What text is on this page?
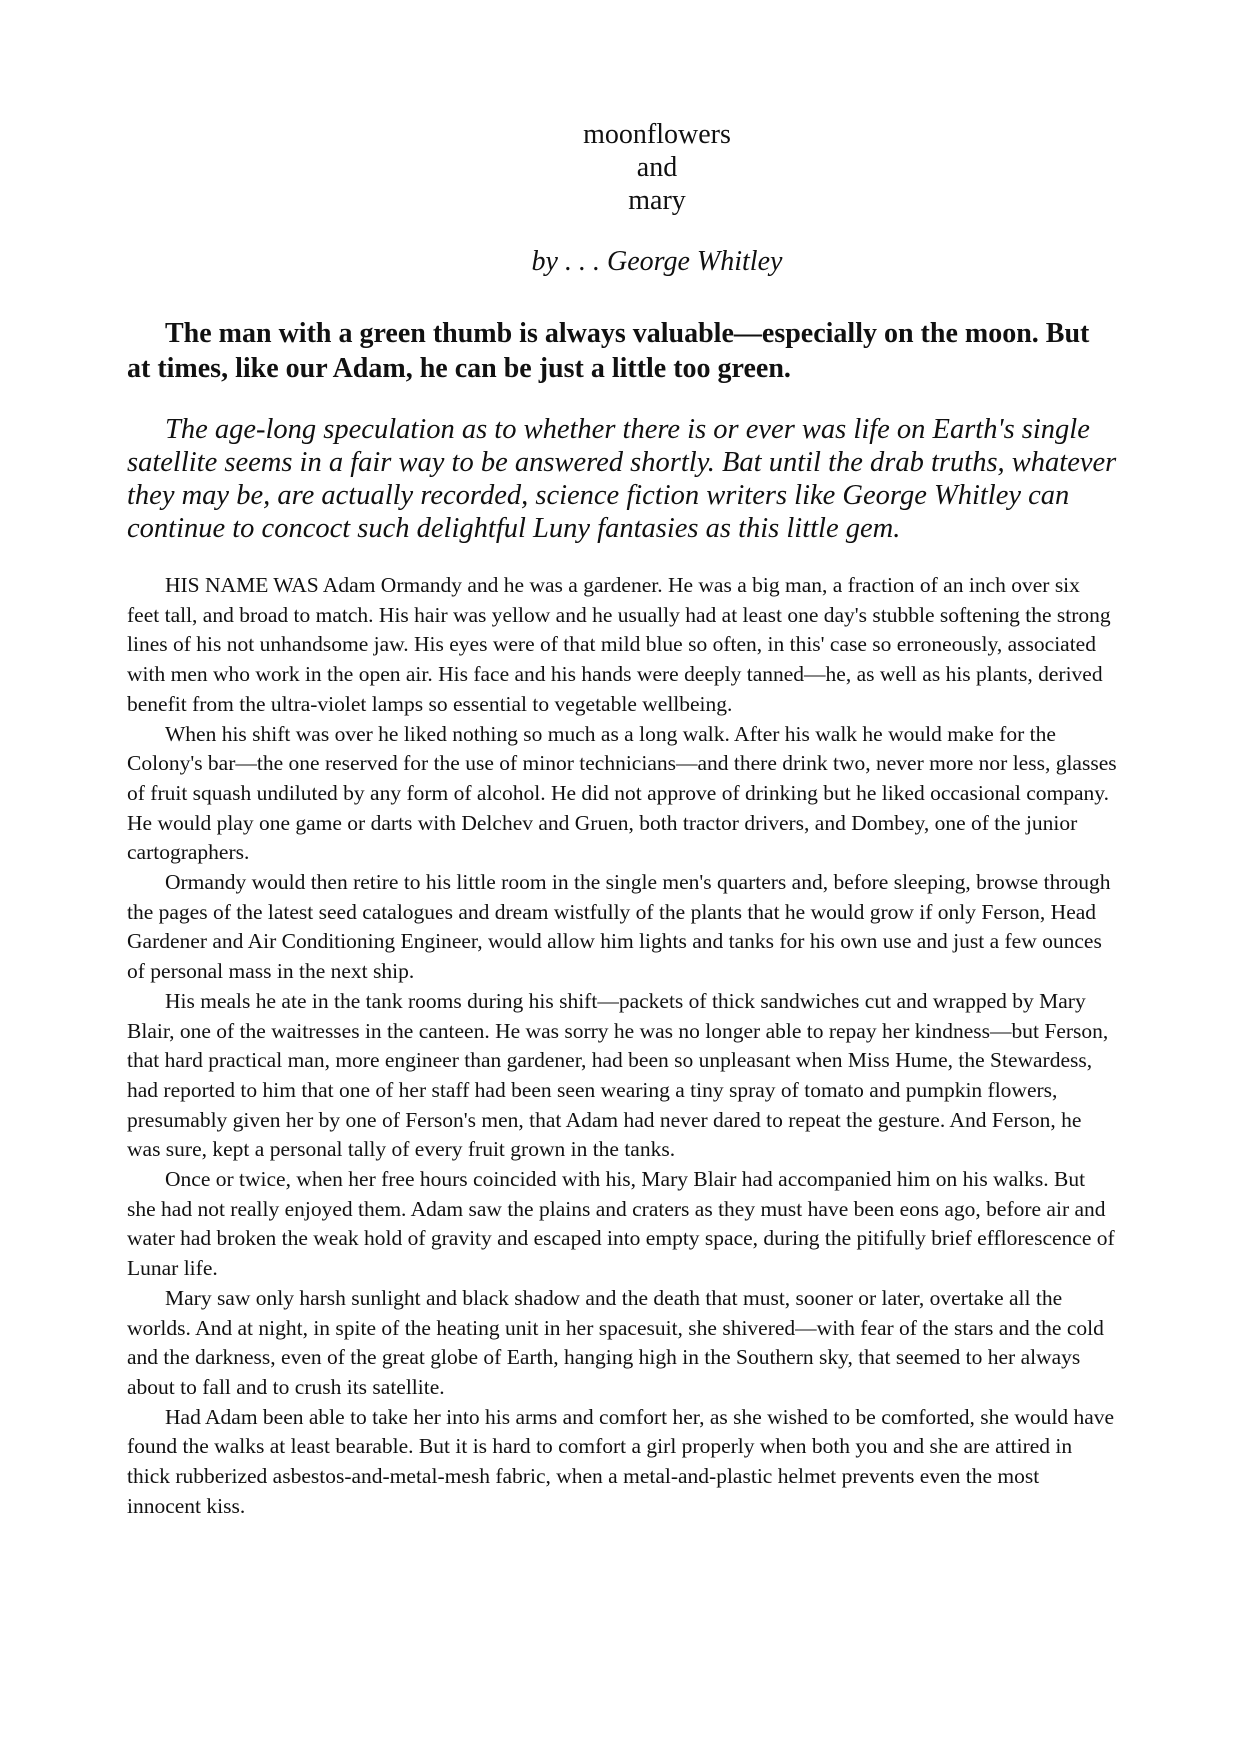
moonflowers
and
mary
by . . . George Whitley
The man with a green thumb is always valuable—especially on the moon. But at times, like our Adam, he can be just a little too green.
The age-long speculation as to whether there is or ever was life on Earth's single satellite seems in a fair way to be answered shortly. Bat until the drab truths, whatever they may be, are actually recorded, science fiction writers like George Whitley can continue to concoct such delightful Luny fantasies as this little gem.

HIS NAME WAS Adam Ormandy and he was a gardener. He was a big man, a fraction of an inch over six feet tall, and broad to match. His hair was yellow and he usually had at least one day's stubble softening the strong lines of his not unhandsome jaw. His eyes were of that mild blue so often, in this' case so erroneously, associated with men who work in the open air. His face and his hands were deeply tanned—he, as well as his plants, derived benefit from the ultra-violet lamps so essential to vegetable wellbeing.

When his shift was over he liked nothing so much as a long walk. After his walk he would make for the Colony's bar—the one reserved for the use of minor technicians—and there drink two, never more nor less, glasses of fruit squash undiluted by any form of alcohol. He did not approve of drinking but he liked occasional company. He would play one game or darts with Delchev and Gruen, both tractor drivers, and Dombey, one of the junior cartographers.

Ormandy would then retire to his little room in the single men's quarters and, before sleeping, browse through the pages of the latest seed catalogues and dream wistfully of the plants that he would grow if only Ferson, Head Gardener and Air Conditioning Engineer, would allow him lights and tanks for his own use and just a few ounces of personal mass in the next ship.

His meals he ate in the tank rooms during his shift—packets of thick sandwiches cut and wrapped by Mary Blair, one of the waitresses in the canteen. He was sorry he was no longer able to repay her kindness—but Ferson, that hard practical man, more engineer than gardener, had been so unpleasant when Miss Hume, the Stewardess, had reported to him that one of her staff had been seen wearing a tiny spray of tomato and pumpkin flowers, presumably given her by one of Ferson's men, that Adam had never dared to repeat the gesture. And Ferson, he was sure, kept a personal tally of every fruit grown in the tanks.

Once or twice, when her free hours coincided with his, Mary Blair had accompanied him on his walks. But she had not really enjoyed them. Adam saw the plains and craters as they must have been eons ago, before air and water had broken the weak hold of gravity and escaped into empty space, during the pitifully brief efflorescence of Lunar life.

Mary saw only harsh sunlight and black shadow and the death that must, sooner or later, overtake all the worlds. And at night, in spite of the heating unit in her spacesuit, she shivered—with fear of the stars and the cold and the darkness, even of the great globe of Earth, hanging high in the Southern sky, that seemed to her always about to fall and to crush its satellite.

Had Adam been able to take her into his arms and comfort her, as she wished to be comforted, she would have found the walks at least bearable. But it is hard to comfort a girl properly when both you and she are attired in thick rubberized asbestos-and-metal-mesh fabric, when a metal-and-plastic helmet prevents even the most innocent kiss.
